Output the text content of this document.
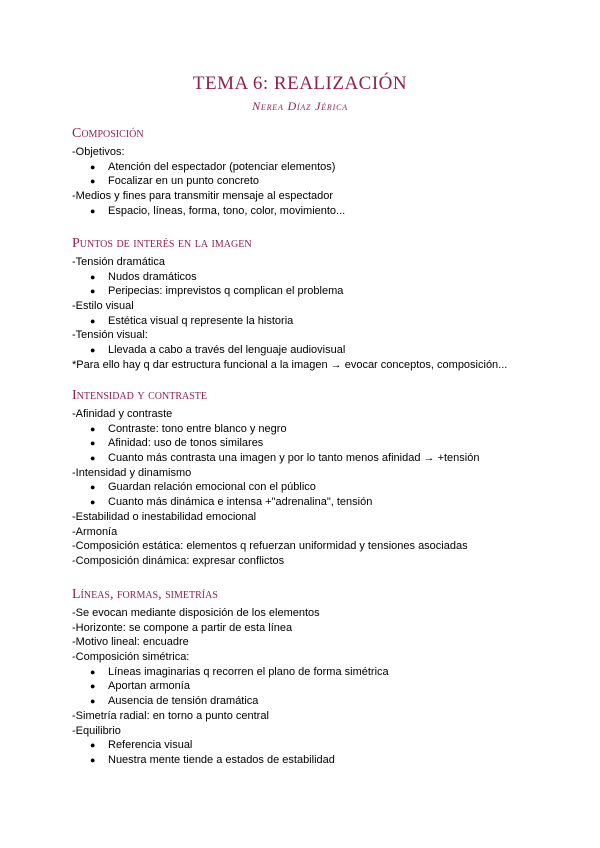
TEMA 6: REALIZACIÓN
Nerea Díaz Jérica
Composición
-Objetivos:
● Atención del espectador (potenciar elementos)
● Focalizar en un punto concreto
-Medios y fines para transmitir mensaje al espectador
● Espacio, líneas, forma, tono, color, movimiento...
Puntos de interés en la imagen
-Tensión dramática
● Nudos dramáticos
● Peripecias: imprevistos q complican el problema
-Estilo visual
● Estética visual q represente la historia
-Tensión visual:
● Llevada a cabo a través del lenguaje audiovisual
*Para ello hay q dar estructura funcional a la imagen → evocar conceptos, composición...
Intensidad y contraste
-Afinidad y contraste
● Contraste: tono entre blanco y negro
● Afinidad: uso de tonos similares
● Cuanto más contrasta una imagen y por lo tanto menos afinidad → +tensión
-Intensidad y dinamismo
● Guardan relación emocional con el público
● Cuanto más dinámica e intensa +"adrenalina", tensión
-Estabilidad o inestabilidad emocional
-Armonía
-Composición estática: elementos q refuerzan uniformidad y tensiones asociadas
-Composición dinámica: expresar conflictos
Líneas, formas, simetrías
-Se evocan mediante disposición de los elementos
-Horizonte: se compone a partir de esta línea
-Motivo lineal: encuadre
-Composición simétrica:
● Líneas imaginarias q recorren el plano de forma simétrica
● Aportan armonía
● Ausencia de tensión dramática
-Simetría radial: en torno a punto central
-Equilibrio
● Referencia visual
● Nuestra mente tiende a estados de estabilidad
